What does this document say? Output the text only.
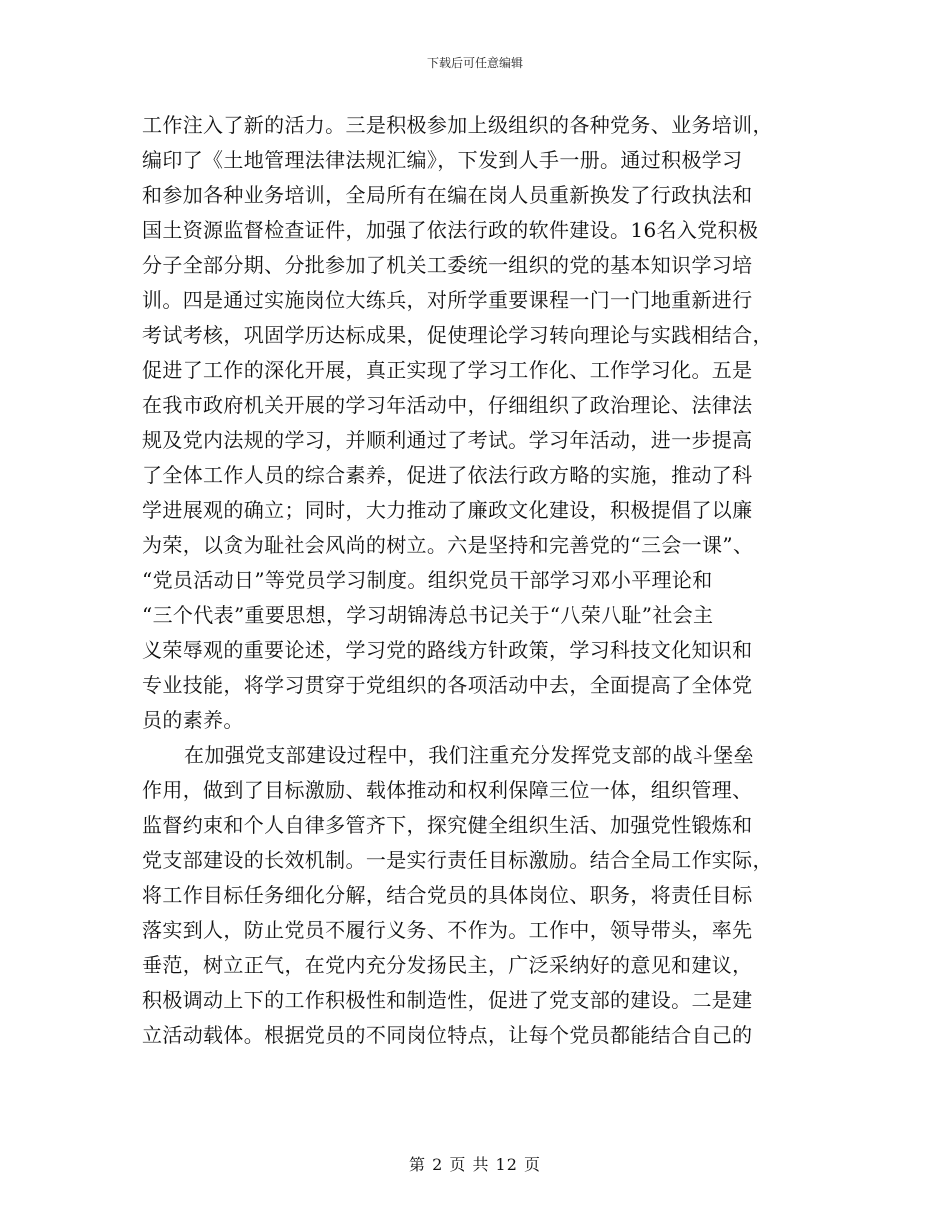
下载后可任意编辑
工作注入了新的活力。三是积极参加上级组织的各种党务、业务培训，
编印了《土地管理法律法规汇编》，下发到人手一册。通过积极学习
和参加各种业务培训，全局所有在编在岗人员重新换发了行政执法和
国土资源监督检查证件，加强了依法行政的软件建设。16名入党积极
分子全部分期、分批参加了机关工委统一组织的党的基本知识学习培
训。四是通过实施岗位大练兵，对所学重要课程一门一门地重新进行
考试考核，巩固学历达标成果，促使理论学习转向理论与实践相结合，
促进了工作的深化开展，真正实现了学习工作化、工作学习化。五是
在我市政府机关开展的学习年活动中，仔细组织了政治理论、法律法
规及党内法规的学习，并顺利通过了考试。学习年活动，进一步提高
了全体工作人员的综合素养，促进了依法行政方略的实施，推动了科
学进展观的确立；同时，大力推动了廉政文化建设，积极提倡了以廉
为荣，以贪为耻社会风尚的树立。六是坚持和完善党的“三会一课”、
“党员活动日”等党员学习制度。组织党员干部学习邓小平理论和
“三个代表”重要思想，学习胡锦涛总书记关于“八荣八耻”社会主
义荣辱观的重要论述，学习党的路线方针政策，学习科技文化知识和
专业技能，将学习贯穿于党组织的各项活动中去，全面提高了全体党
员的素养。
在加强党支部建设过程中，我们注重充分发挥党支部的战斗堡垒
作用，做到了目标激励、载体推动和权利保障三位一体，组织管理、
监督约束和个人自律多管齐下，探究健全组织生活、加强党性锻炼和
党支部建设的长效机制。一是实行责任目标激励。结合全局工作实际，
将工作目标任务细化分解，结合党员的具体岗位、职务，将责任目标
落实到人，防止党员不履行义务、不作为。工作中，领导带头，率先
垂范，树立正气，在党内充分发扬民主，广泛采纳好的意见和建议，
积极调动上下的工作积极性和制造性，促进了党支部的建设。二是建
立活动载体。根据党员的不同岗位特点，让每个党员都能结合自己的
第 2 页 共 12 页
